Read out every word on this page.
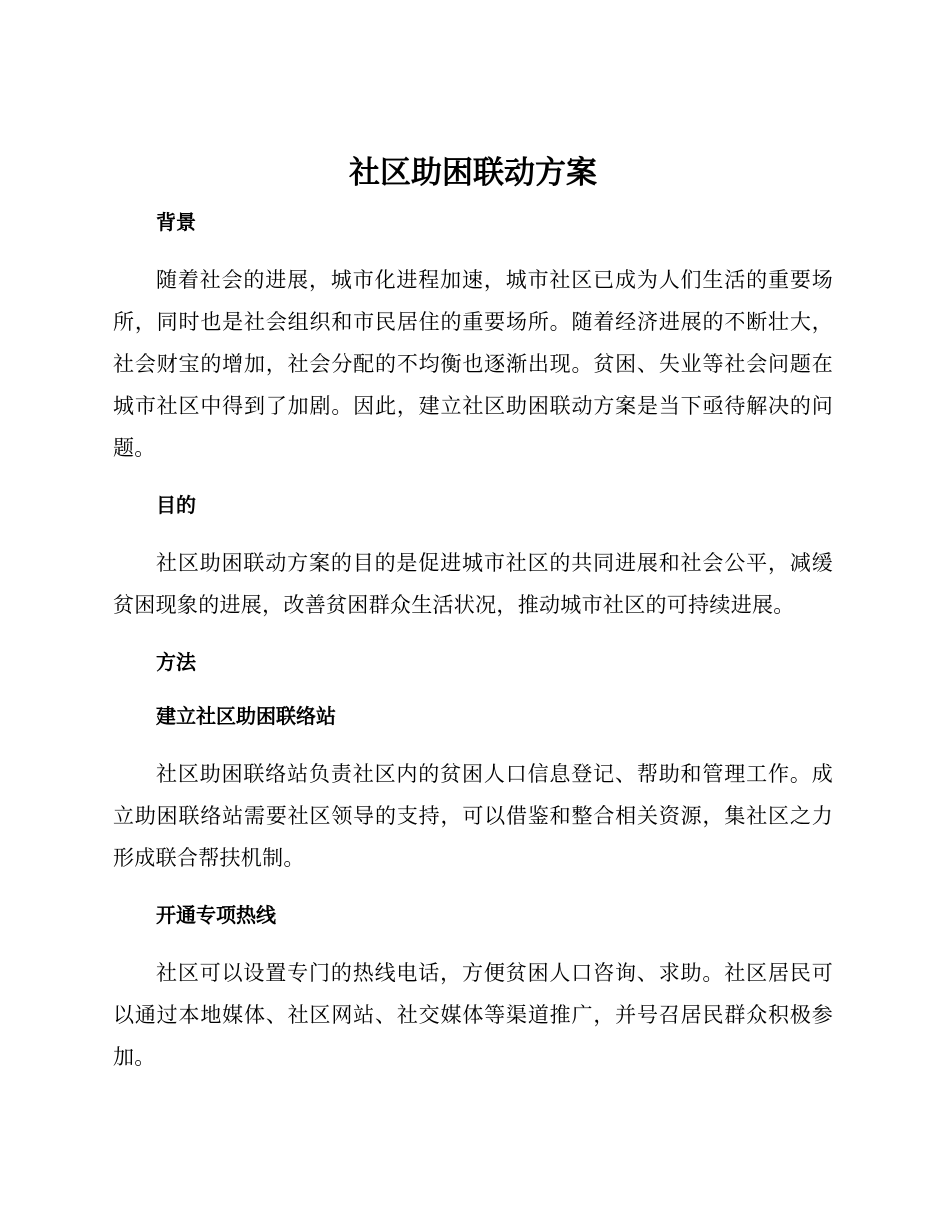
社区助困联动方案
背景

随着社会的进展，城市化进程加速，城市社区已成为人们生活的重要场所，同时也是社会组织和市民居住的重要场所。随着经济进展的不断壮大，社会财宝的增加，社会分配的不均衡也逐渐出现。贫困、失业等社会问题在城市社区中得到了加剧。因此，建立社区助困联动方案是当下亟待解决的问题。

目的

社区助困联动方案的目的是促进城市社区的共同进展和社会公平，减缓贫困现象的进展，改善贫困群众生活状况，推动城市社区的可持续进展。

方法
建立社区助困联络站

社区助困联络站负责社区内的贫困人口信息登记、帮助和管理工作。成立助困联络站需要社区领导的支持，可以借鉴和整合相关资源，集社区之力形成联合帮扶机制。

开通专项热线

社区可以设置专门的热线电话，方便贫困人口咨询、求助。社区居民可以通过本地媒体、社区网站、社交媒体等渠道推广，并号召居民群众积极参加。
